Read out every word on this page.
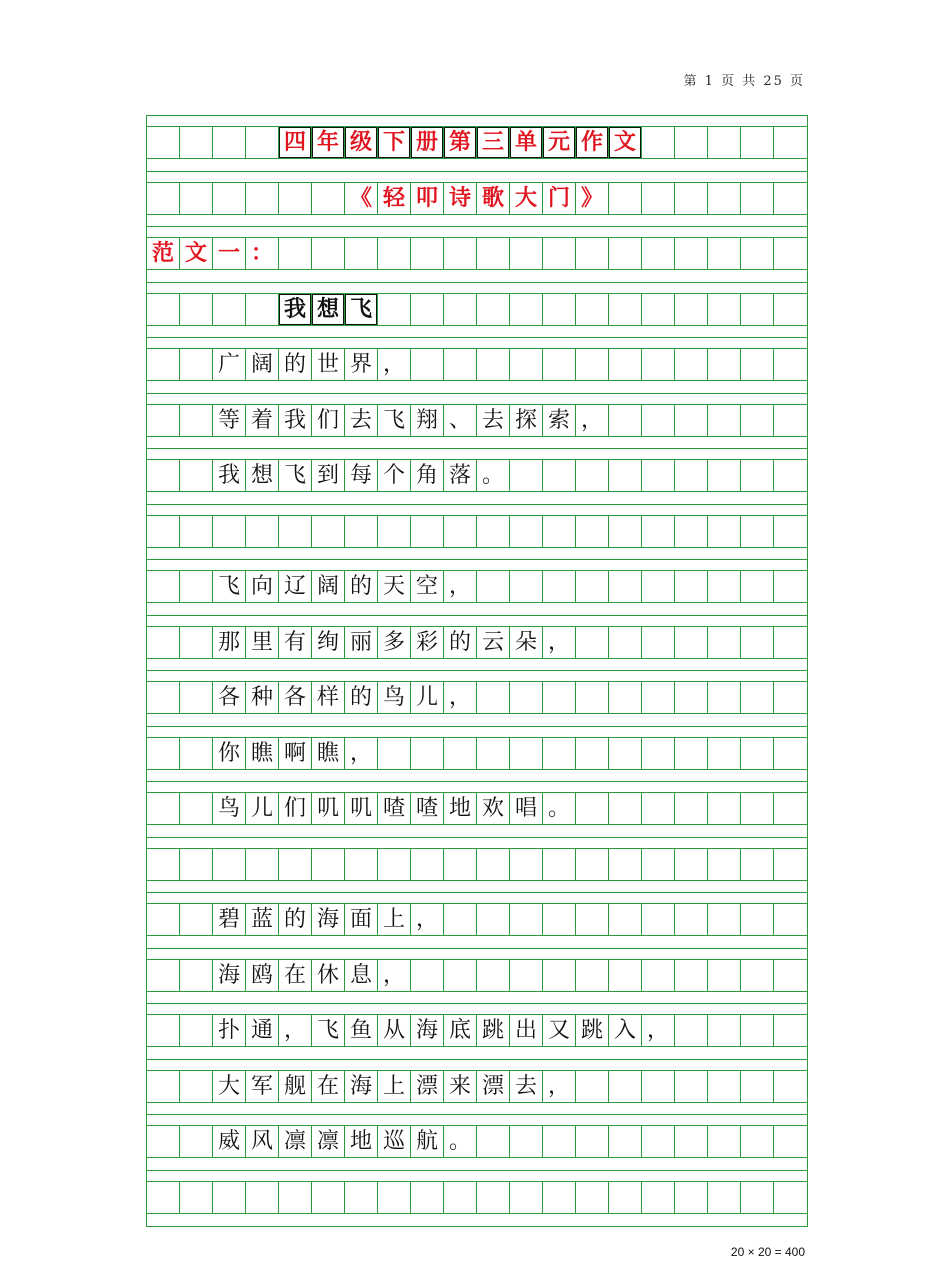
第 1 页 共 25 页
四 年 级 下 册 第 三 单 元 作 文
《 轻 叩 诗 歌 大 门 》
范 文 一 ：
我 想 飞
广 阔 的 世 界 ，
等 着 我 们 去 飞 翔 、 去 探 索 ，
我 想 飞 到 每 个 角 落 。
飞 向 辽 阔 的 天 空 ，
那 里 有 绚 丽 多 彩 的 云 朵 ，
各 种 各 样 的 鸟 儿 ，
你 瞧 啊 瞧 ，
鸟 儿 们 叽 叽 喳 喳 地 欢 唱 。
碧 蓝 的 海 面 上 ，
海 鸥 在 休 息 ，
扑 通 ， 飞 鱼 从 海 底 跳 出 又 跳 入 ，
大 军 舰 在 海 上 漂 来 漂 去 ，
威 风 凛 凛 地 巡 航 。
20 × 20 = 400
